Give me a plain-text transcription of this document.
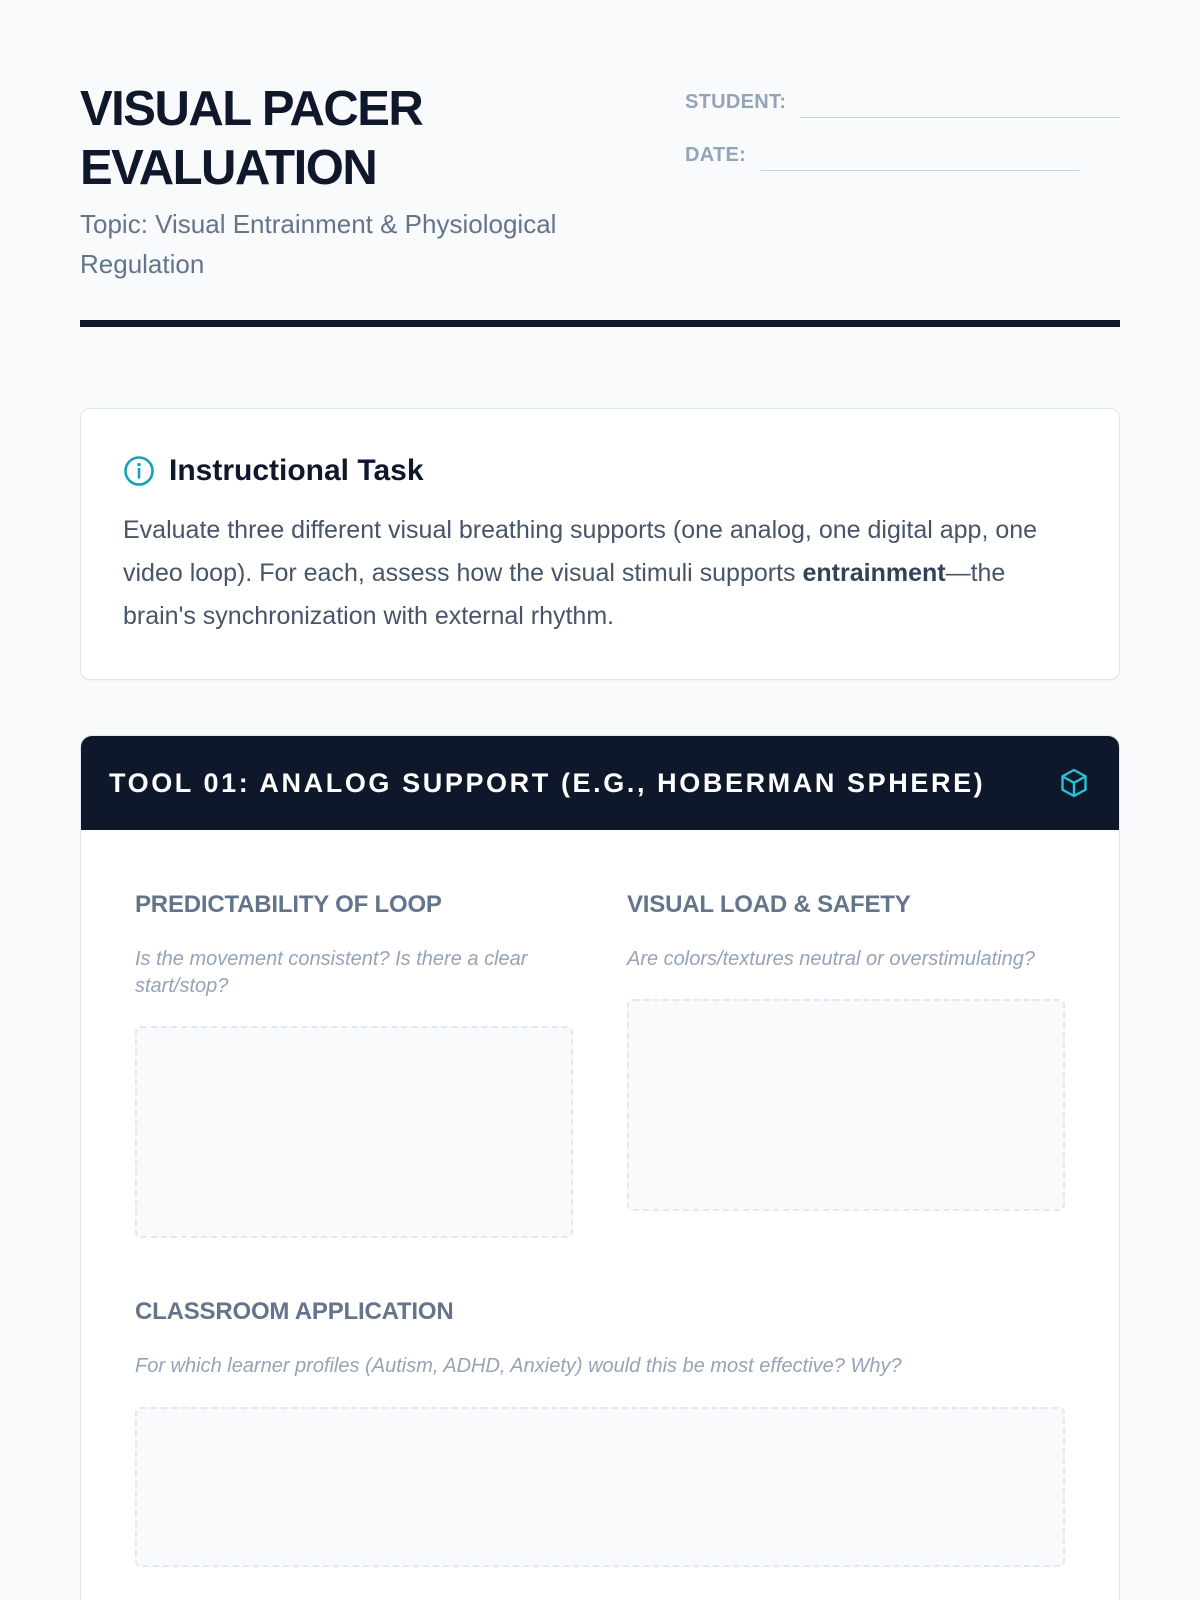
VISUAL PACER
EVALUATION
Topic: Visual Entrainment & Physiological Regulation
STUDENT:
DATE:
Instructional Task

Evaluate three different visual breathing supports (one analog, one digital app, one video loop). For each, assess how the visual stimuli supports entrainment—the brain's synchronization with external rhythm.

TOOL 01: ANALOG SUPPORT (E.G., HOBERMAN SPHERE)
PREDICTABILITY OF LOOP
Is the movement consistent? Is there a clear start/stop?
VISUAL LOAD & SAFETY
Are colors/textures neutral or overstimulating?
CLASSROOM APPLICATION
For which learner profiles (Autism, ADHD, Anxiety) would this be most effective? Why?
